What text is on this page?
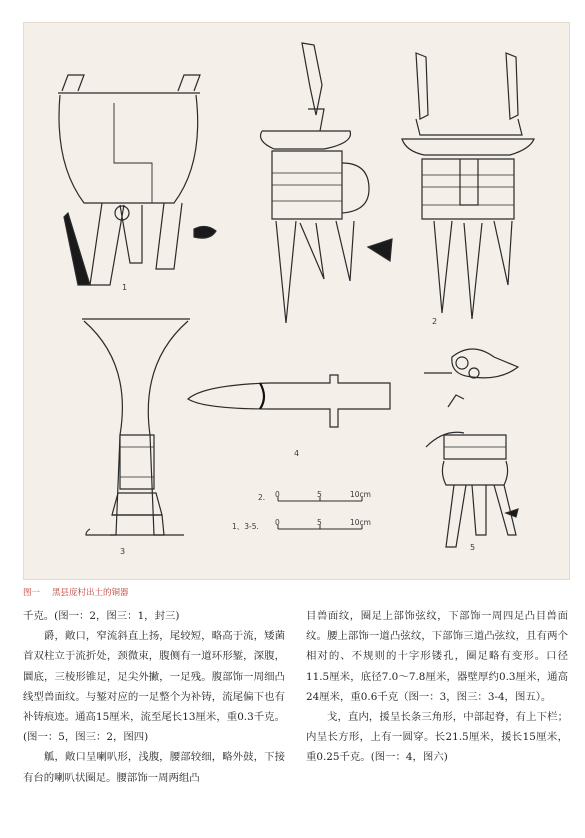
1
2
3
4
5
2. 0	5	10cm
1、3-5. 0	5	10cm
图一 黑县庞村出土的铜器

千克。(图一：2，图三：1，封三)

爵，敞口，窄流斜直上扬，尾较短，略高于流，矮菌首双柱立于流折处，颈微束，腹侧有一道环形錾，深腹，圜底，三棱形锥足，足尖外撇，一足残。腹部饰一周细凸线型兽面纹。与錾对应的一足整个为补铸，流尾偏下也有补铸痕迹。通高15厘米，流至尾长13厘米，重0.3千克。(图一：5，图三：2，图四)

觚，敞口呈喇叭形，浅腹，腰部较细，略外鼓，下接有台的喇叭状圈足。腰部饰一周两组凸

目兽面纹，圈足上部饰弦纹，下部饰一周四足凸目兽面纹。腰上部饰一道凸弦纹，下部饰三道凸弦纹，且有两个相对的、不规则的十字形镂孔，圈足略有变形。口径11.5厘米，底径7.0～7.8厘米，器壁厚约0.3厘米，通高24厘米，重0.6千克（图一：3，图三：3-4，图五）。

戈，直内，援呈长条三角形，中部起脊，有上下栏；内呈长方形，上有一圆穿。长21.5厘米，援长15厘米，重0.25千克。(图一：4，图六)
